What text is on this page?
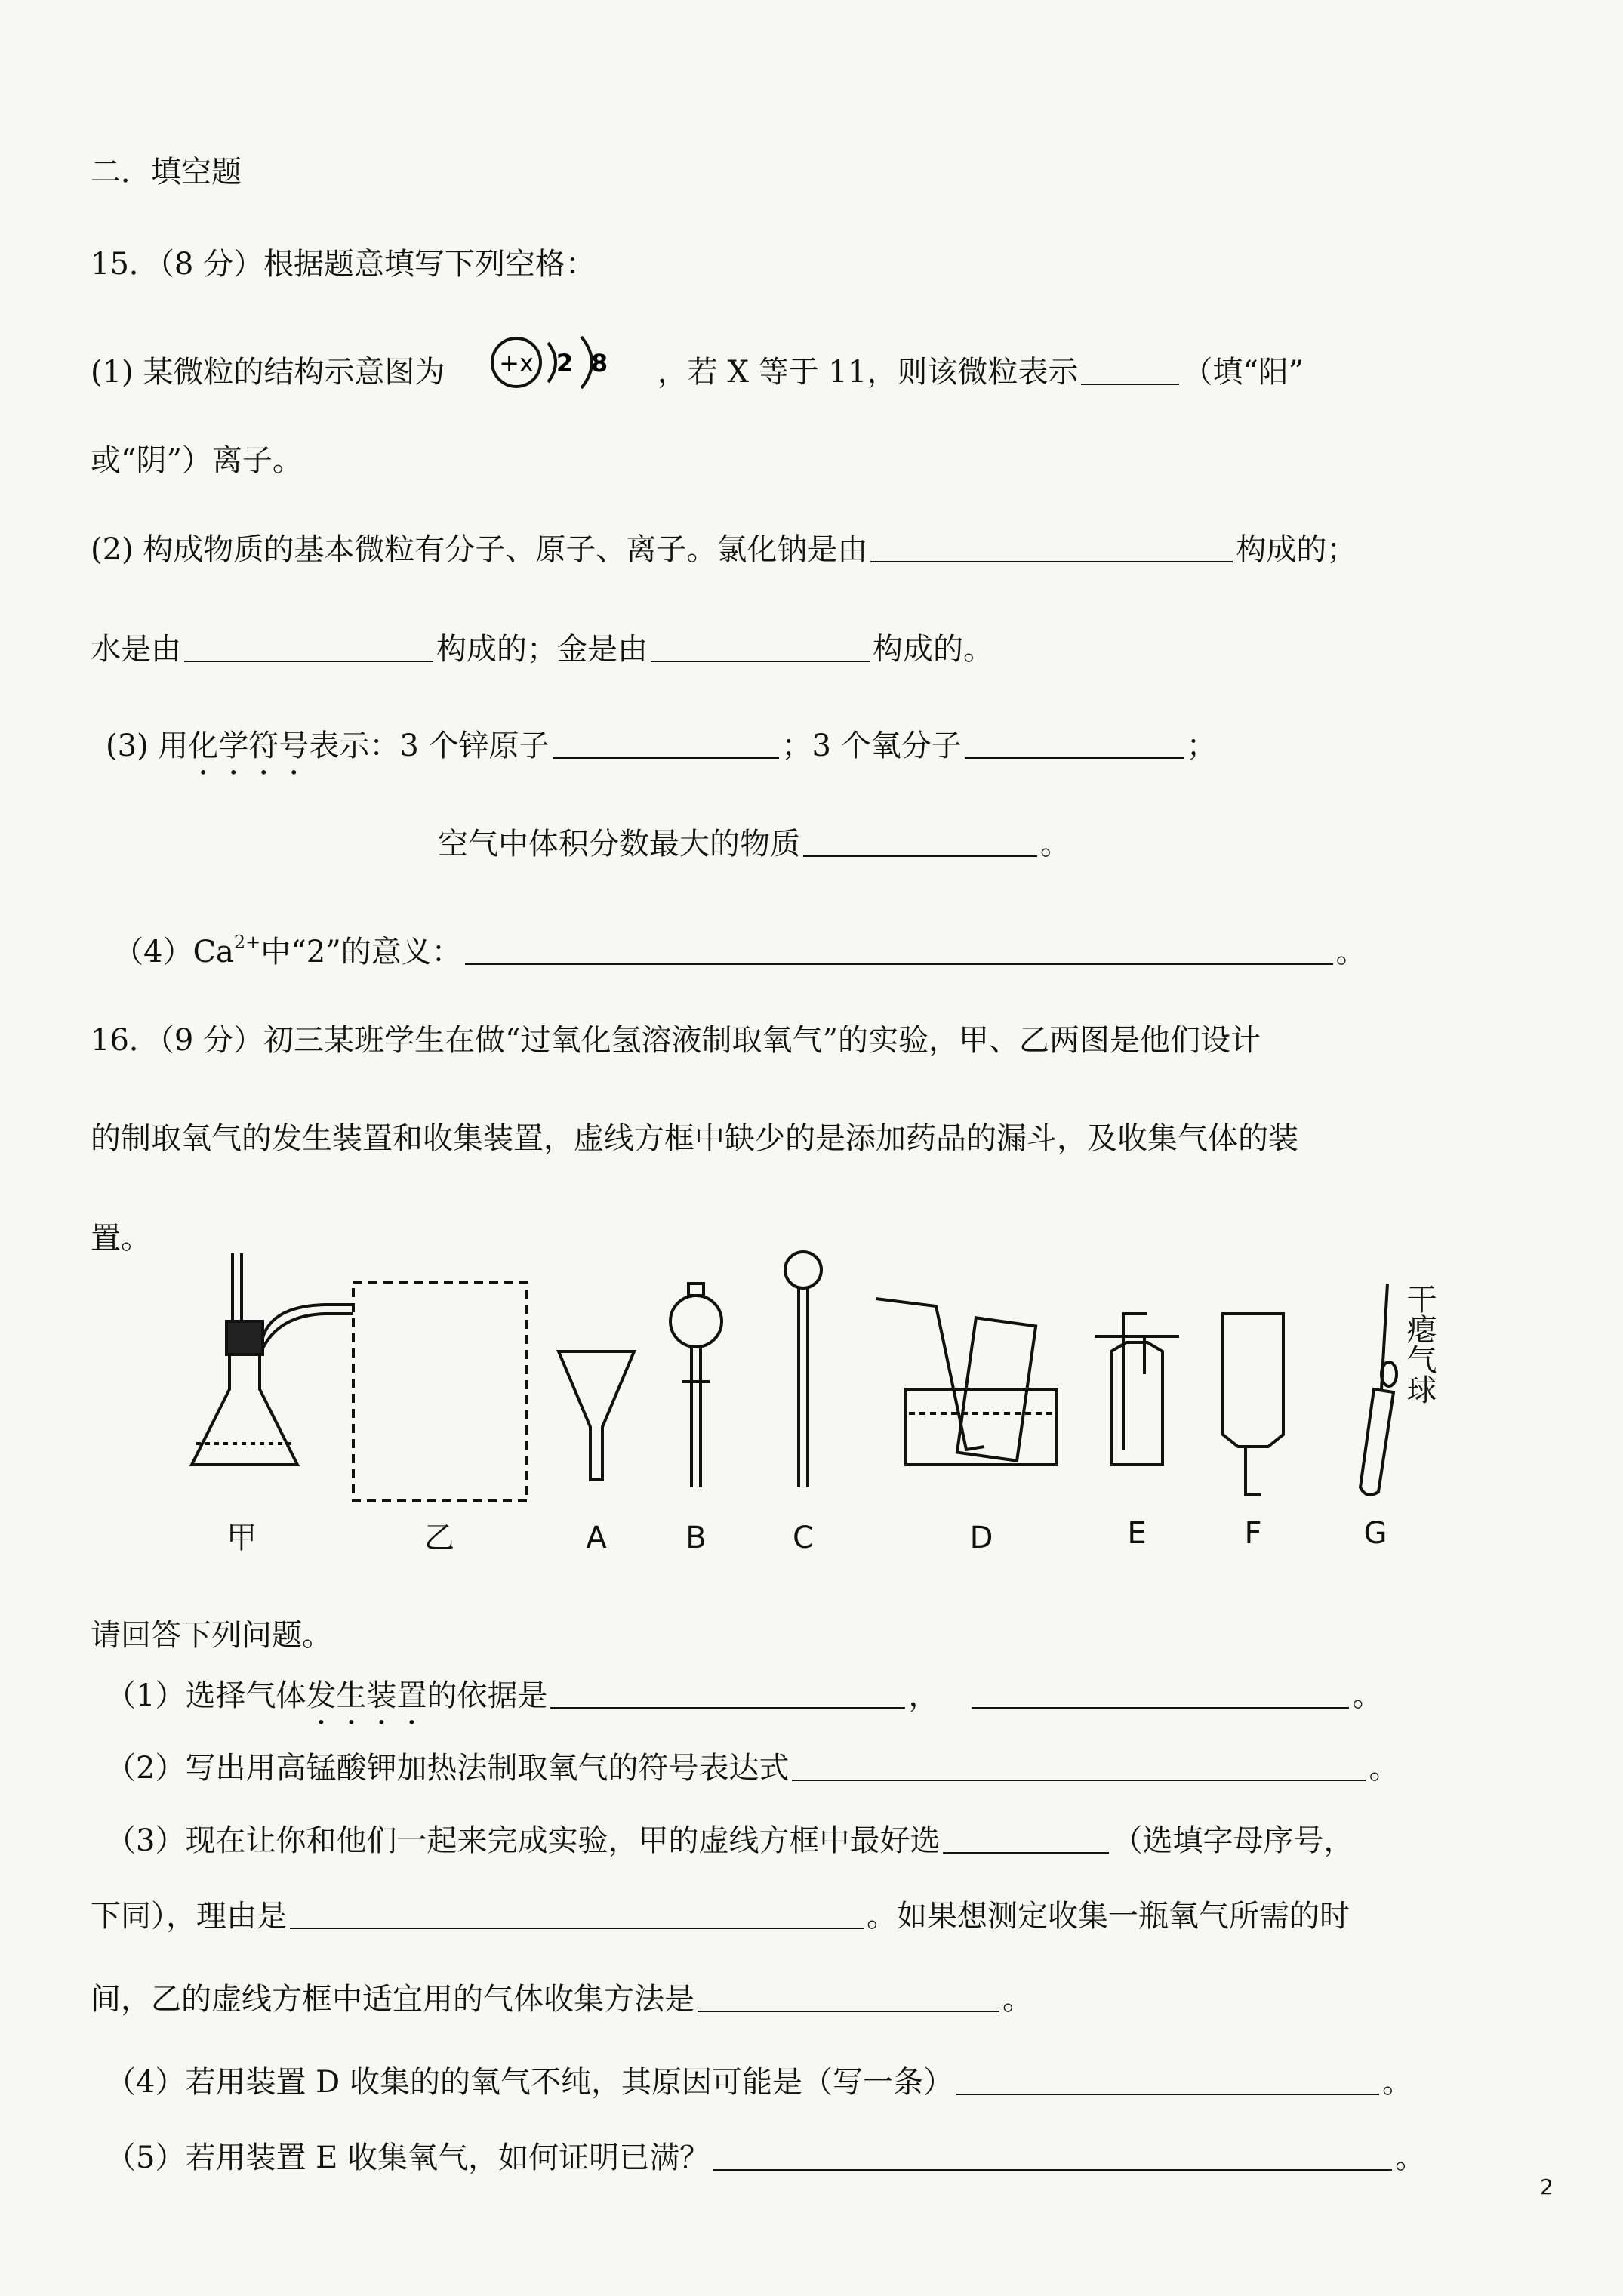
二．填空题
15．（8 分）根据题意填写下列空格：
(1) 某微粒的结构示意图为 +x 2 8 ，若 X 等于 11，则该微粒表示	（填“阳”
或“阴”）离子。
(2) 构成物质的基本微粒有分子、原子、离子。氯化钠是由	构成的；
水是由	构成的；金是由	构成的。
(3) 用化学符号表示：3 个锌原子	；3 个氧分子	；
空气中体积分数最大的物质	。
$(4)Ca^{2+}$中“2”的意义：	。
16．（9 分）初三某班学生在做“过氧化氢溶液制取氧气”的实验，甲、乙两图是他们设计
的制取氧气的发生装置和收集装置，虚线方框中缺少的是添加药品的漏斗，及收集气体的装
置。
干瘪气球
甲	乙	A	B	C	D	E	F	G
请回答下列问题。
（1）选择气体发生装置的依据是	，	。
（2）写出用高锰酸钾加热法制取氧气的符号表达式	。
（3）现在让你和他们一起来完成实验，甲的虚线方框中最好选	（选填字母序号，
下同），理由是	。如果想测定收集一瓶氧气所需的时
间，乙的虚线方框中适宜用的气体收集方法是	。
（4）若用装置 D 收集的的氧气不纯，其原因可能是（写一条）	。
（5）若用装置 E 收集氧气，如何证明已满？	。
2
